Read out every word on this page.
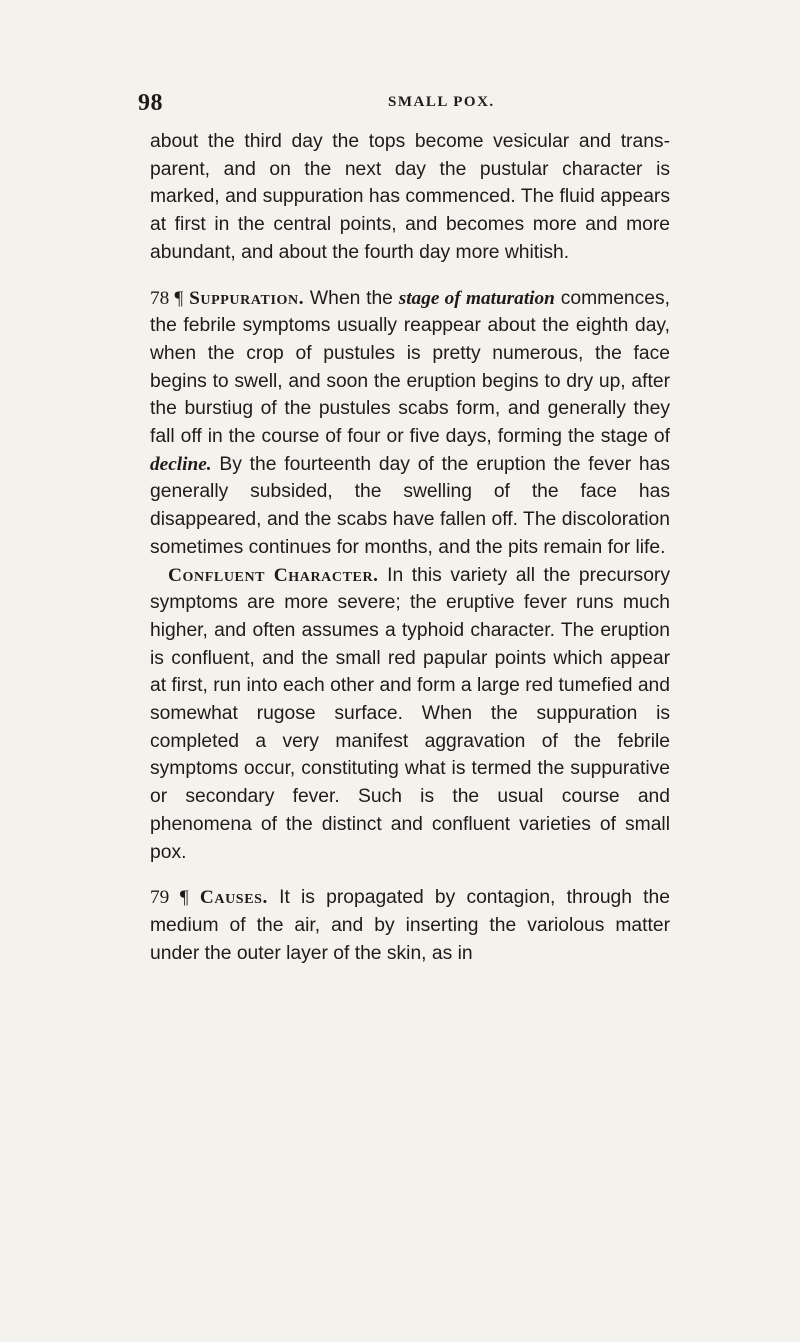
98	SMALL POX.

about the third day the tops become vesicular and transparent, and on the next day the pustular character is marked, and suppuration has commenced. The fluid appears at first in the central points, and becomes more and more abundant, and about the fourth day more whitish.

78 ¶ Suppuration. When the stage of maturation commences, the febrile symptoms usually reappear about the eighth day, when the crop of pustules is pretty numerous, the face begins to swell, and soon the eruption begins to dry up, after the burstiug of the pustules scabs form, and generally they fall off in the course of four or five days, forming the stage of decline. By the fourteenth day of the eruption the fever has generally subsided, the swelling of the face has disappeared, and the scabs have fallen off. The discoloration sometimes continues for months, and the pits remain for life.

Confluent Character. In this variety all the precursory symptoms are more severe; the eruptive fever runs much higher, and often assumes a typhoid character. The eruption is confluent, and the small red papular points which appear at first, run into each other and form a large red tumefied and somewhat rugose surface. When the suppuration is completed a very manifest aggravation of the febrile symptoms occur, constituting what is termed the suppurative or secondary fever. Such is the usual course and phenomena of the distinct and confluent varieties of small pox.

79 ¶ Causes. It is propagated by contagion, through the medium of the air, and by inserting the variolous matter under the outer layer of the skin, as in
